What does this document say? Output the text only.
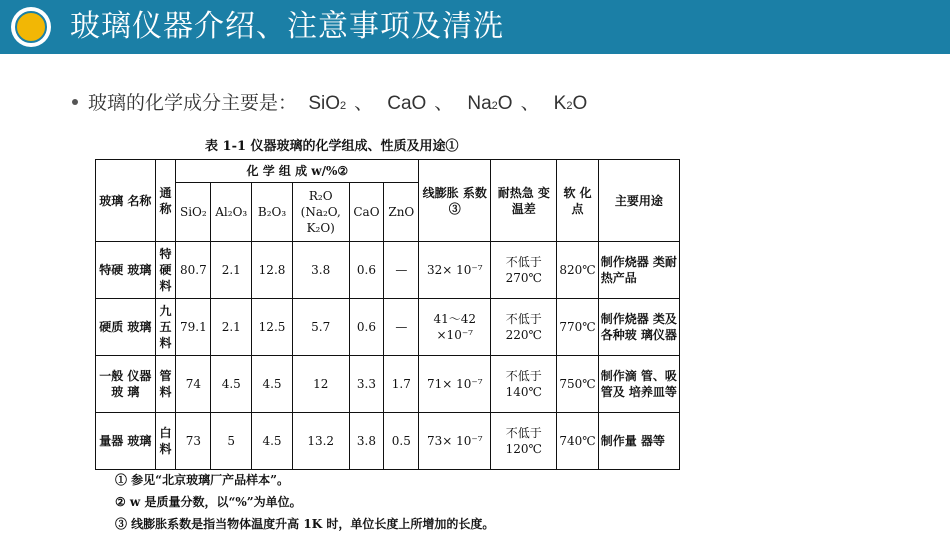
玻璃仪器介绍、注意事项及清洗
玻璃的化学成分主要是： SiO2 、 CaO 、 Na2O 、 K2O
表 1-1 仪器玻璃的化学组成、性质及用途①
玻璃 名称	通 称	化 学 组 成 w/%②						线膨胀 系数③	耐热急 变温差	软 化 点	主要用途
		SiO₂	Al₂O₃	B₂O₃	R₂O (Na₂O, K₂O)	CaO	ZnO				
特硬 玻璃	特 硬 料	80.7	2.1	12.8	3.8	0.6	—	32× 10⁻⁷	不低于 270℃	820℃	制作烧器 类耐热产品
硬质 玻璃	九 五 料	79.1	2.1	12.5	5.7	0.6	—	41～42 ×10⁻⁷	不低于 220℃	770℃	制作烧器 类及各种玻 璃仪器
一般 仪器玻 璃	管 料	74	4.5	4.5	12	3.3	1.7	71× 10⁻⁷	不低于 140℃	750℃	制作滴 管、吸管及 培养皿等
量器 玻璃	白 料	73	5	4.5	13.2	3.8	0.5	73× 10⁻⁷	不低于 120℃	740℃	制作量 器等
① 参见“北京玻璃厂产品样本”。
② w 是质量分数，以“%”为单位。
③ 线膨胀系数是指当物体温度升高 1K 时，单位长度上所增加的长度。
